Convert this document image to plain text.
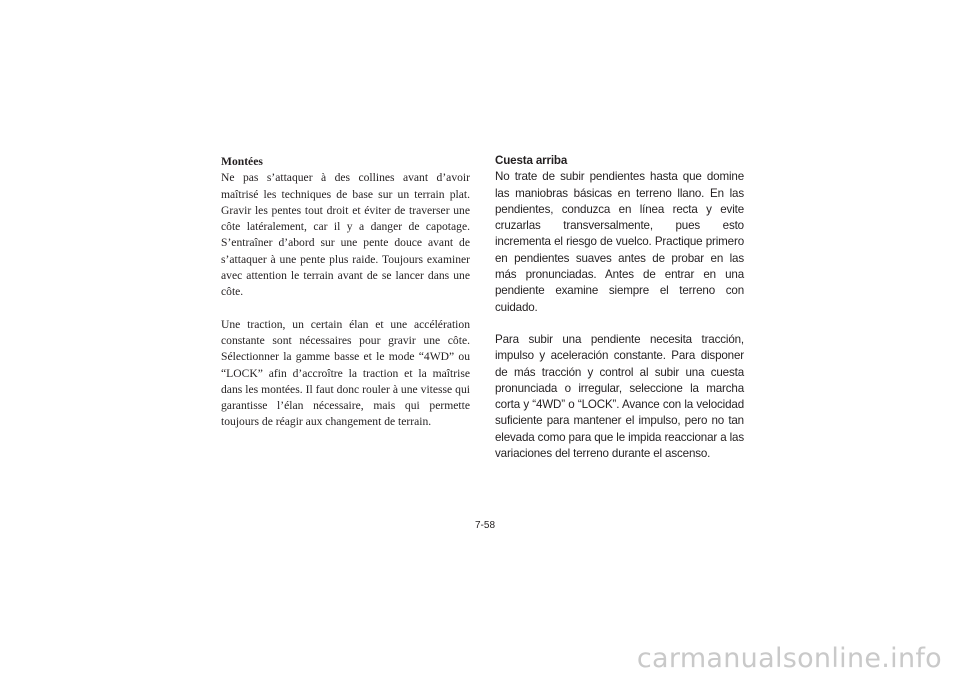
Montées
Ne pas s’attaquer à des collines avant d’avoir maîtrisé les techniques de base sur un terrain plat. Gravir les pentes tout droit et éviter de traverser une côte latéralement, car il y a danger de capotage. S’entraîner d’abord sur une pente douce avant de s’attaquer à une pente plus raide. Toujours examiner avec attention le terrain avant de se lancer dans une côte.

Une traction, un certain élan et une accélération constante sont nécessaires pour gravir une côte. Sélectionner la gamme basse et le mode “4WD” ou “LOCK” afin d’accroître la traction et la maîtrise dans les montées. Il faut donc rouler à une vitesse qui garantisse l’élan nécessaire, mais qui permette toujours de réagir aux changement de terrain.

Cuesta arriba
No trate de subir pendientes hasta que domine las maniobras básicas en terreno llano. En las pendientes, conduzca en línea recta y evite cruzarlas transversalmente, pues esto incrementa el riesgo de vuelco. Practique primero en pendientes suaves antes de probar en las más pronunciadas. Antes de entrar en una pendiente examine siempre el terreno con cuidado.

Para subir una pendiente necesita tracción, impulso y aceleración constante. Para disponer de más tracción y control al subir una cuesta pronunciada o irregular, seleccione la marcha corta y “4WD” o “LOCK”. Avance con la velocidad suficiente para mantener el impulso, pero no tan elevada como para que le impida reaccionar a las variaciones del terreno durante el ascenso.

7-58
carmanualsonline.info
